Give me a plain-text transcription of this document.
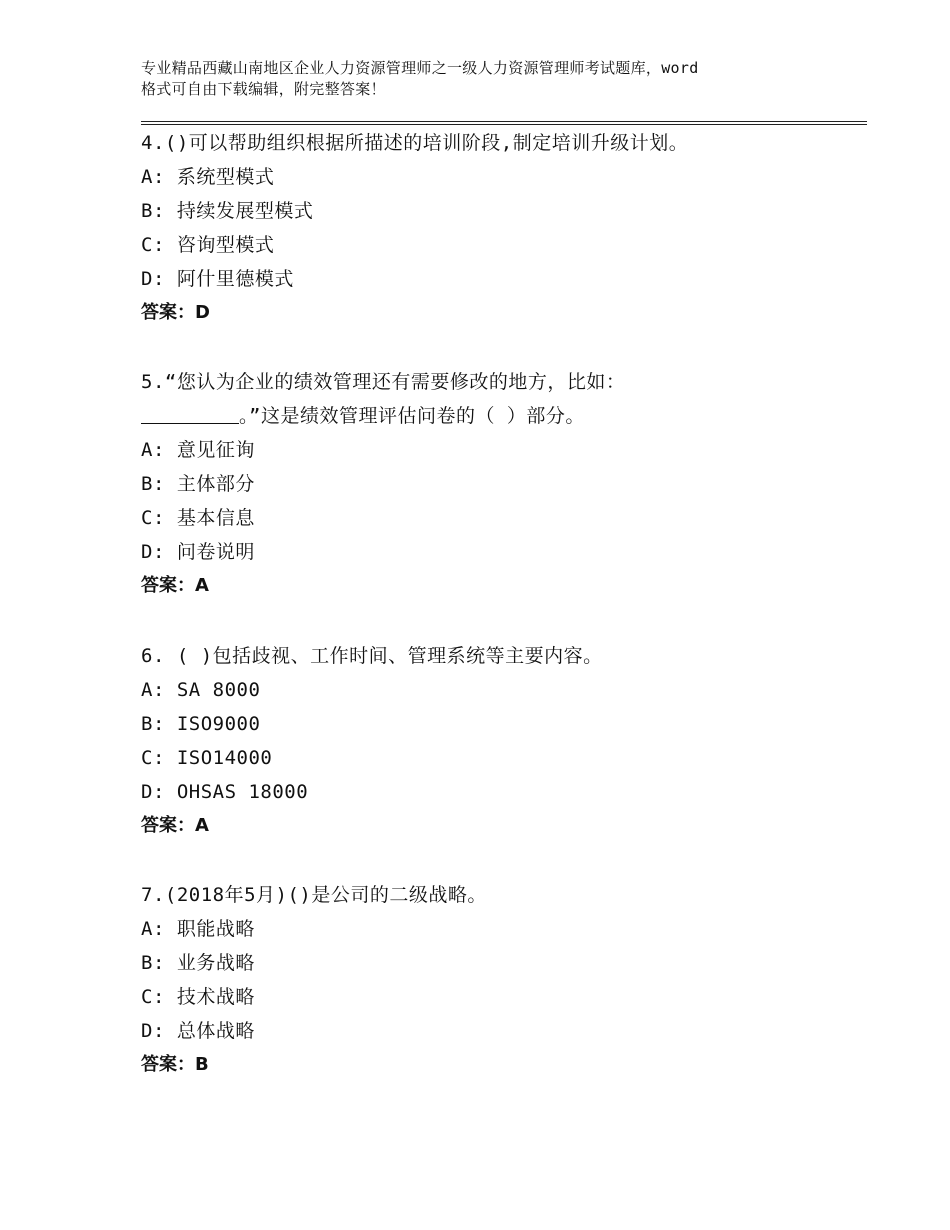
专业精品西藏山南地区企业人力资源管理师之一级人力资源管理师考试题库，word
格式可自由下载编辑，附完整答案！
4.()可以帮助组织根据所描述的培训阶段,制定培训升级计划。
A: 系统型模式
B: 持续发展型模式
C: 咨询型模式
D: 阿什里德模式
答案：D
5.“您认为企业的绩效管理还有需要修改的地方，比如：
。”这是绩效管理评估问卷的（ ）部分。
A: 意见征询
B: 主体部分
C: 基本信息
D: 问卷说明
答案：A
6. ( )包括歧视、工作时间、管理系统等主要内容。
A: SA 8000
B: ISO9000
C: ISO14000
D: OHSAS 18000
答案：A
7.(2018年5月)()是公司的二级战略。
A: 职能战略
B: 业务战略
C: 技术战略
D: 总体战略
答案：B
